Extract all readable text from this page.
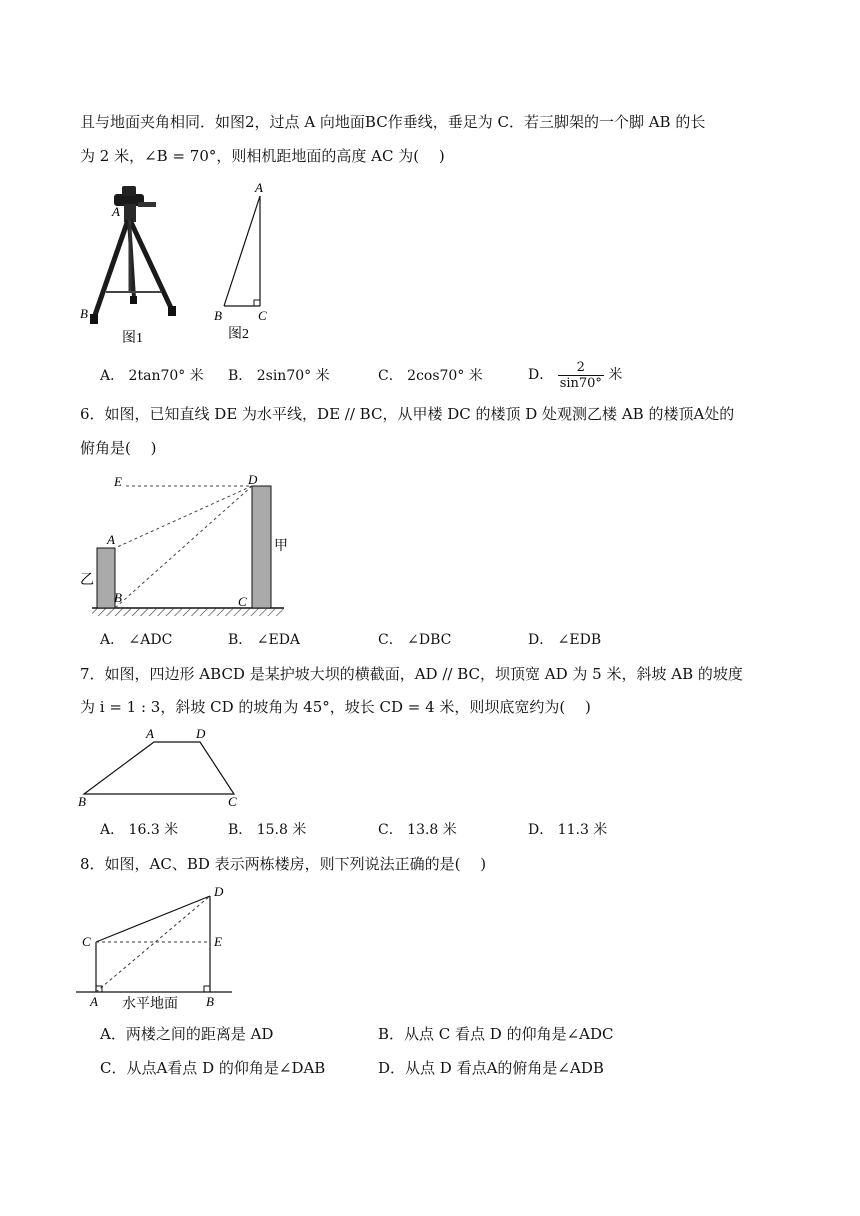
且与地面夹角相同．如图2，过点 A 向地面BC作垂线，垂足为 C．若三脚架的一个脚 AB 的长
为 2 米，∠B = 70°，则相机距地面的高度 AC 为(　 )
A
B
图1
A
B	C
图2
A． 2tan70° 米 B． 2sin70° 米	C． 2cos70° 米	D． $\frac{2}{\sin 70^\circ}$ 米
6．如图，已知直线 DE 为水平线，DE // BC，从甲楼 DC 的楼顶 D 处观测乙楼 AB 的楼顶A处的
俯角是(　 )
E	D
A
B	C
甲
乙
A． ∠ADC	B． ∠EDA	C． ∠DBC	D． ∠EDB
7．如图，四边形 ABCD 是某护坡大坝的横截面，AD // BC，坝顶宽 AD 为 5 米，斜坡 AB 的坡度
为 i = 1 : 3，斜坡 CD 的坡角为 45°，坡长 CD = 4 米，则坝底宽约为(　 )
A	D
B	C
A． 16.3 米	B． 15.8 米	C． 13.8 米	D． 11.3 米
8．如图，AC、BD 表示两栋楼房，则下列说法正确的是(　 )
D
C	E
A	B
水平地面
A．两楼之间的距离是 AD	B．从点 C 看点 D 的仰角是∠ADC
C．从点A看点 D 的仰角是∠DAB	D．从点 D 看点A的俯角是∠ADB
